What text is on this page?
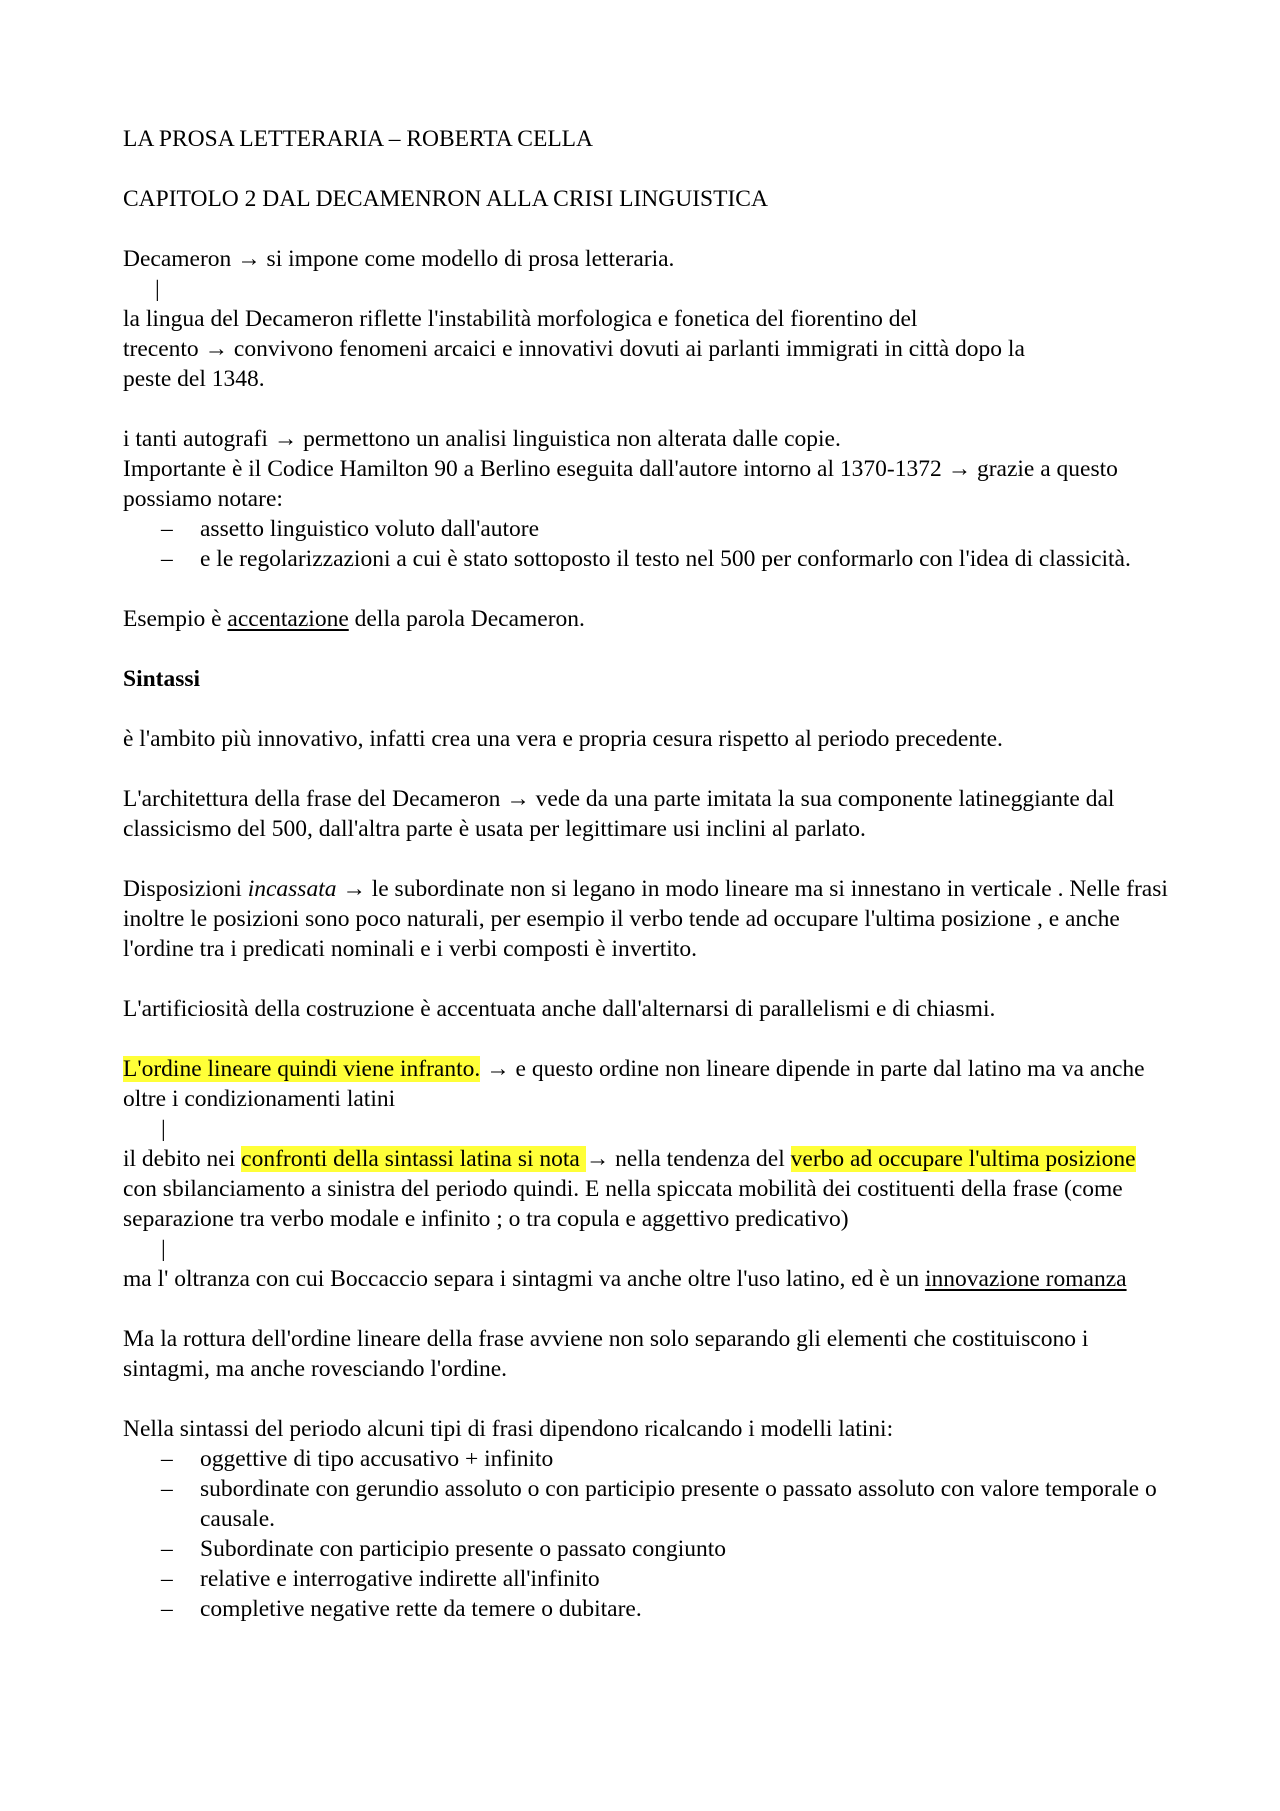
LA PROSA LETTERARIA – ROBERTA CELLA

CAPITOLO 2 DAL DECAMENRON ALLA CRISI LINGUISTICA

Decameron → si impone come modello di prosa letteraria.

|

la lingua del Decameron riflette l'instabilità morfologica e fonetica del fiorentino del

trecento → convivono fenomeni arcaici e innovativi dovuti ai parlanti immigrati in città dopo la

peste del 1348.

i tanti autografi → permettono un analisi linguistica non alterata dalle copie.

Importante è il Codice Hamilton 90 a Berlino eseguita dall'autore intorno al 1370-1372 → grazie a questo possiamo notare:

– assetto linguistico voluto dall'autore
– e le regolarizzazioni a cui è stato sottoposto il testo nel 500 per conformarlo con l'idea di classicità.

Esempio è accentazione della parola Decameron.

Sintassi

è l'ambito più innovativo, infatti crea una vera e propria cesura rispetto al periodo precedente.

L'architettura della frase del Decameron → vede da una parte imitata la sua componente latineggiante dal classicismo del 500, dall'altra parte è usata per legittimare usi inclini al parlato.

Disposizioni incassata → le subordinate non si legano in modo lineare ma si innestano in verticale . Nelle frasi inoltre le posizioni sono poco naturali, per esempio il verbo tende ad occupare l'ultima posizione , e anche l'ordine tra i predicati nominali e i verbi composti è invertito.

L'artificiosità della costruzione è accentuata anche dall'alternarsi di parallelismi e di chiasmi.

L'ordine lineare quindi viene infranto. → e questo ordine non lineare dipende in parte dal latino ma va anche oltre i condizionamenti latini

|

il debito nei confronti della sintassi latina si nota → nella tendenza del verbo ad occupare l'ultima posizione con sbilanciamento a sinistra del periodo quindi. E nella spiccata mobilità dei costituenti della frase (come separazione tra verbo modale e infinito ; o tra copula e aggettivo predicativo)

|

ma l' oltranza con cui Boccaccio separa i sintagmi va anche oltre l'uso latino, ed è un innovazione romanza

Ma la rottura dell'ordine lineare della frase avviene non solo separando gli elementi che costituiscono i sintagmi, ma anche rovesciando l'ordine.

Nella sintassi del periodo alcuni tipi di frasi dipendono ricalcando i modelli latini:

– oggettive di tipo accusativo + infinito
– subordinate con gerundio assoluto o con participio presente o passato assoluto con valore temporale o causale.
– Subordinate con participio presente o passato congiunto
– relative e interrogative indirette all'infinito
– completive negative rette da temere o dubitare.
